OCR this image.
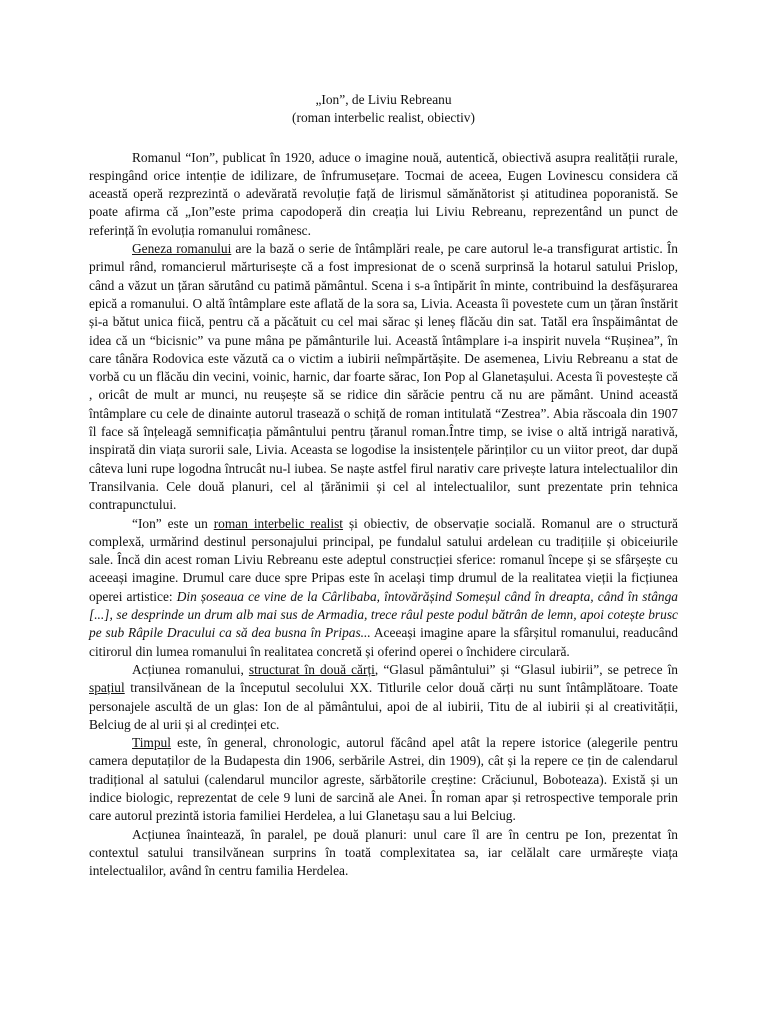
„Ion”, de Liviu Rebreanu
(roman interbelic realist, obiectiv)

Romanul “Ion”, publicat în 1920, aduce o imagine nouă, autentică, obiectivă asupra realității rurale, respingând orice intenție de idilizare, de înfrumusețare. Tocmai de aceea, Eugen Lovinescu considera că această operă rezprezintă o adevărată revoluție față de lirismul sămănătorist și atitudinea poporanistă. Se poate afirma că „Ion”este prima capodoperă din creația lui Liviu Rebreanu, reprezentând un punct de referință în evoluția romanului românesc.

Geneza romanului are la bază o serie de întâmplări reale, pe care autorul le-a transfigurat artistic. În primul rând, romancierul mărturisește că a fost impresionat de o scenă surprinsă la hotarul satului Prislop, când a văzut un țăran sărutând cu patimă pământul. Scena i s-a întipărit în minte, contribuind la desfășurarea epică a romanului. O altă întâmplare este aflată de la sora sa, Livia. Aceasta îi povestete cum un țăran înstărit și-a bătut unica fiică, pentru că a păcătuit cu cel mai sărac și leneș flăcău din sat. Tatăl era înspăimântat de idea că un “bicisnic” va pune mâna pe pământurile lui. Această întâmplare i-a inspirit nuvela “Rușinea”, în care tânăra Rodovica este văzută ca o victim a iubirii neîmpărtășite. De asemenea, Liviu Rebreanu a stat de vorbă cu un flăcău din vecini, voinic, harnic, dar foarte sărac, Ion Pop al Glanetașului. Acesta îi povestește că , oricât de mult ar munci, nu reușește să se ridice din sărăcie pentru că nu are pământ. Unind această întâmplare cu cele de dinainte autorul trasează o schiță de roman intitulată “Zestrea”. Abia răscoala din 1907 îl face să înțeleagă semnificația pământului pentru țăranul roman.Între timp, se ivise o altă intrigă narativă, inspirată din viața surorii sale, Livia. Aceasta se logodise la insistențele părinților cu un viitor preot, dar după câteva luni rupe logodna întrucât nu-l iubea. Se naște astfel firul narativ care privește latura intelectualilor din Transilvania. Cele două planuri, cel al țărănimii și cel al intelectualilor, sunt prezentate prin tehnica contrapunctului.

“Ion” este un roman interbelic realist și obiectiv, de observație socială. Romanul are o structură complexă, urmărind destinul personajului principal, pe fundalul satului ardelean cu tradițiile și obiceiurile sale. Încă din acest roman Liviu Rebreanu este adeptul construcției sferice: romanul începe și se sfârșește cu aceeași imagine. Drumul care duce spre Pripas este în același timp drumul de la realitatea vieții la ficțiunea operei artistice: Din șoseaua ce vine de la Cârlibaba, întovărășind Someșul când în dreapta, când în stânga [...], se desprinde un drum alb mai sus de Armadia, trece râul peste podul bătrân de lemn, apoi cotește brusc pe sub Râpile Dracului ca să dea busna în Pripas... Aceeași imagine apare la sfârșitul romanului, readucând citirorul din lumea romanului în realitatea concretă și oferind operei o închidere circulară.

Acțiunea romanului, structurat în două cărți, “Glasul pământului” și “Glasul iubirii”, se petrece în spațiul transilvănean de la începutul secolului XX. Titlurile celor două cărți nu sunt întâmplătoare. Toate personajele ascultă de un glas: Ion de al pământului, apoi de al iubirii, Titu de al iubirii și al creativității, Belciug de al urii și al credinței etc.

Timpul este, în general, chronologic, autorul făcând apel atât la repere istorice (alegerile pentru camera deputaților de la Budapesta din 1906, serbările Astrei, din 1909), cât și la repere ce țin de calendarul tradițional al satului (calendarul muncilor agreste, sărbătorile creștine: Crăciunul, Boboteaza). Există și un indice biologic, reprezentat de cele 9 luni de sarcină ale Anei. În roman apar și retrospective temporale prin care autorul prezintă istoria familiei Herdelea, a lui Glanetașu sau a lui Belciug.

Acțiunea înaintează, în paralel, pe două planuri: unul care îl are în centru pe Ion, prezentat în contextul satului transilvănean surprins în toată complexitatea sa, iar celălalt care urmărește viața intelectualilor, având în centru familia Herdelea.
